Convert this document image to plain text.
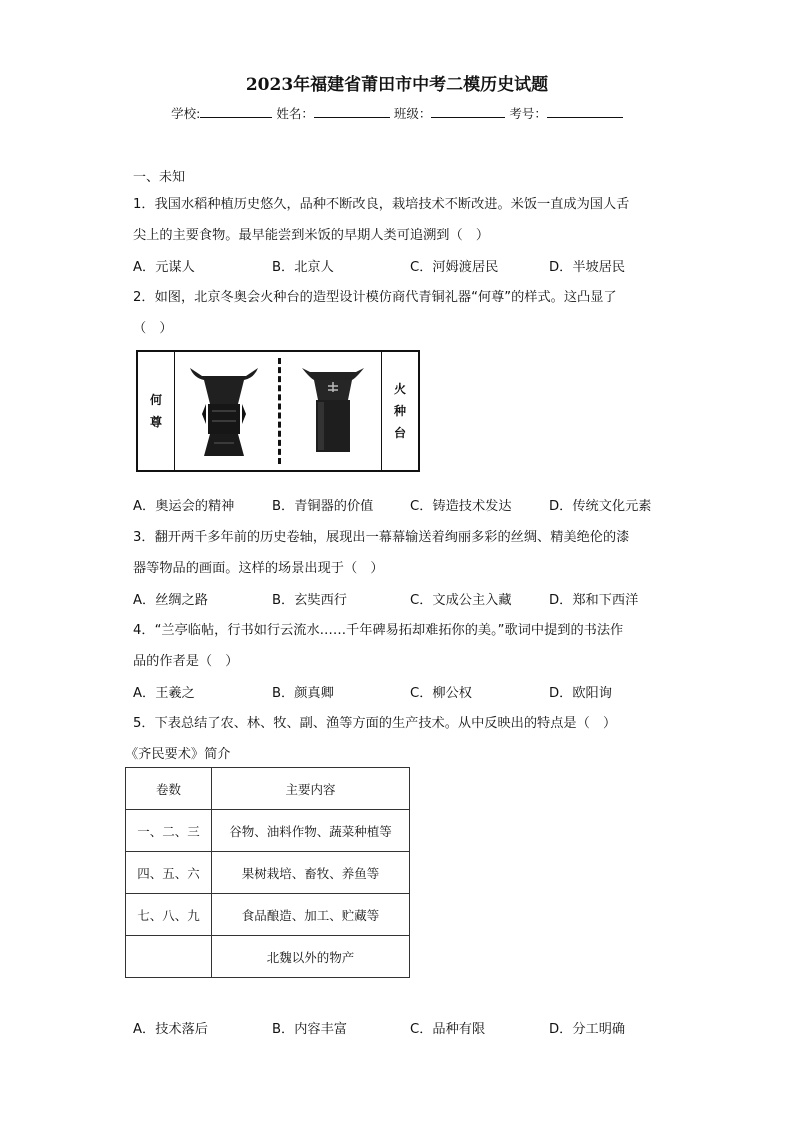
2023年福建省莆田市中考二模历史试题
学校:	姓名：	班级：	考号：
一、未知
1．我国水稻种植历史悠久，品种不断改良，栽培技术不断改进。米饭一直成为国人舌
尖上的主要食物。最早能尝到米饭的早期人类可追溯到（　）
A．元谋人	B．北京人	C．河姆渡居民	D．半坡居民
2．如图，北京冬奥会火种台的造型设计模仿商代青铜礼器“何尊”的样式。这凸显了
（　）
何
尊
火
种
台
A．奥运会的精神	B．青铜器的价值	C．铸造技术发达	D．传统文化元素
3．翻开两千多年前的历史卷轴，展现出一幕幕输送着绚丽多彩的丝绸、精美绝伦的漆
器等物品的画面。这样的场景出现于（　）
A．丝绸之路	B．玄奘西行	C．文成公主入藏	D．郑和下西洋
4．“兰亭临帖，行书如行云流水……千年碑易拓却难拓你的美。”歌词中提到的书法作
品的作者是（　）
A．王羲之	B．颜真卿	C．柳公权	D．欧阳询
5．下表总结了农、林、牧、副、渔等方面的生产技术。从中反映出的特点是（　）
《齐民要术》简介
卷数	主要内容
一、二、三	谷物、油料作物、蔬菜种植等
四、五、六	果树栽培、畜牧、养鱼等
七、八、九	食品酿造、加工、贮藏等
	北魏以外的物产
A．技术落后	B．内容丰富	C．品种有限	D．分工明确
